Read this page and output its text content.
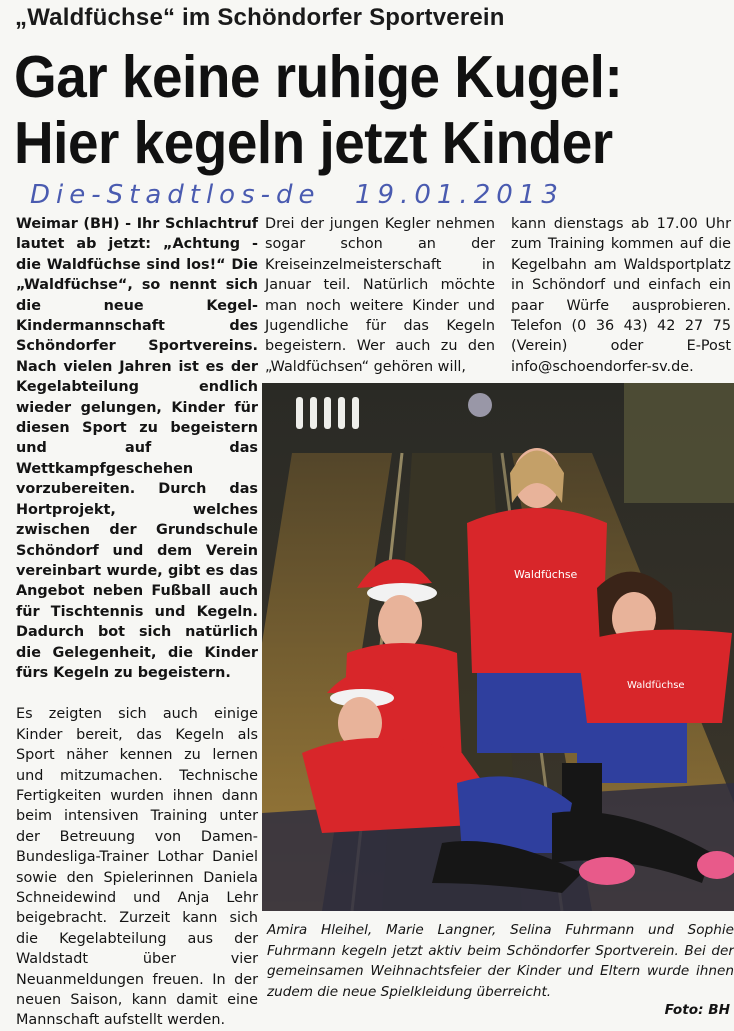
„Waldfüchse“ im Schöndorfer Sportverein
Gar keine ruhige Kugel:
Hier kegeln jetzt Kinder
Die-Stadtlos-de 19.01.2013

Weimar (BH) - Ihr Schlachtruf lautet ab jetzt: „Achtung - die Waldfüchse sind los!“ Die „Waldfüchse“, so nennt sich die neue Kegel-Kindermannschaft des Schöndorfer Sportvereins. Nach vielen Jahren ist es der Kegelabteilung endlich wieder gelungen, Kinder für diesen Sport zu begeistern und auf das Wettkampfgeschehen vorzubereiten. Durch das Hortprojekt, welches zwischen der Grundschule Schöndorf und dem Verein vereinbart wurde, gibt es das Angebot neben Fußball auch für Tischtennis und Kegeln. Dadurch bot sich natürlich die Gelegenheit, die Kinder fürs Kegeln zu begeistern.

Es zeigten sich auch einige Kinder bereit, das Kegeln als Sport näher kennen zu lernen und mitzumachen. Technische Fertigkeiten wurden ihnen dann beim intensiven Training unter der Betreuung von Damen-Bundesliga-Trainer Lothar Daniel sowie den Spielerinnen Daniela Schneidewind und Anja Lehr beigebracht. Zurzeit kann sich die Kegelabteilung aus der Waldstadt über vier Neuanmeldungen freuen. In der neuen Saison, kann damit eine Mannschaft aufstellt werden.

Drei der jungen Kegler nehmen sogar schon an der Kreiseinzelmeisterschaft in Januar teil. Natürlich möchte man noch weitere Kinder und Jugendliche für das Kegeln begeistern. Wer auch zu den „Waldfüchsen“ gehören will,

kann dienstags ab 17.00 Uhr zum Training kommen auf die Kegelbahn am Waldsportplatz in Schöndorf und einfach ein paar Würfe ausprobieren. Telefon (0 36 43) 42 27 75 (Verein) oder E-Post info@schoendorfer-sv.de.

Waldfüchse
Waldfüchse
Amira Hleihel, Marie Langner, Selina Fuhrmann und Sophie Fuhrmann kegeln jetzt aktiv beim Schöndorfer Sportverein. Bei der gemeinsamen Weihnachtsfeier der Kinder und Eltern wurde ihnen zudem die neue Spielkleidung überreicht.
Foto: BH
